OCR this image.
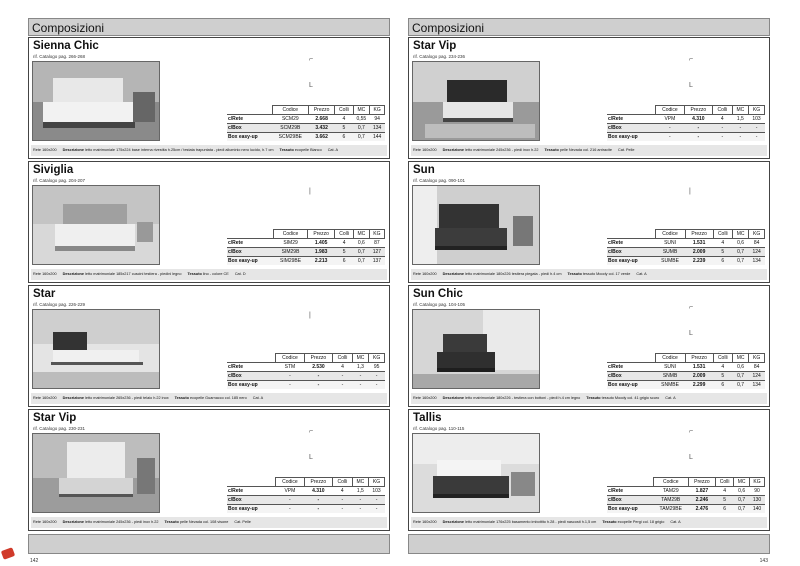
Composizioni
Sienna Chic
rif. Catalogo pag. 266-268	⌐
L
	Codice	Prezzo	Colli	MC	KG
c/Rete	SCM29	2.668	4	0,55	94
c/Box	SCM29B	3.432	5	0,7	134
Box easy-up	SCM29BE	3.662	6	0,7	144
Rete 160x200 Descrizione letto matrimoniale 175x224 base interna rivestita h.25cm / testata trapuntata - piedi alluminio nero lucido, h.7 cm Tessuto ecopelle Bianco Cat. A
Siviglia
rif. Catalogo pag. 204-207
|
	Codice	Prezzo	Colli	MC	KG
c/Rete	SIM29	1.405	4	0,6	87
c/Box	SIM29B	1.983	5	0,7	127
Box easy-up	SIM29BE	2.213	6	0,7	137
Rete 160x200 Descrizione letto matrimoniale 185x217 cuscini testiera - piedini legno Tessuto lino - colore CE Cat. D
Star
rif. Catalogo pag. 226-229
|
	Codice	Prezzo	Colli	MC	KG
c/Rete	STM	2.530	4	1,3	95
c/Box	-	-	-	-	-
Box easy-up	-	-	-	-	-
Rete 160x200 Descrizione letto matrimoniale 265x236 - piedi telaio h.22 inox Tessuto ecopelle Guarnacco col. 185 nero Cat. A
Star Vip
rif. Catalogo pag. 230-231	⌐
L
	Codice	Prezzo	Colli	MC	KG
c/Rete	VPM	4.310	4	1,5	103
c/Box	-	-	-	-	-
Box easy-up	-	-	-	-	-
Rete 160x200 Descrizione letto matrimoniale 245x236 - piedi inox h.22 Tessuto pelle Nevada col. 108 visone Cat. Pelle
142
Composizioni
Star Vip
rif. Catalogo pag. 234-236	⌐
L
	Codice	Prezzo	Colli	MC	KG
c/Rete	VPM	4.310	4	1,5	103
c/Box	-	-	-	-	-
Box easy-up	-	-	-	-	-
Rete 160x200 Descrizione letto matrimoniale 245x236 - piedi inox h.22 Tessuto pelle Nevada col. 216 antracite Cat. Pelle
Sun
rif. Catalogo pag. 090-101
|
	Codice	Prezzo	Colli	MC	KG
c/Rete	SUNI	1.531	4	0,6	84
c/Box	SUMB	2.009	5	0,7	124
Box easy-up	SUMBE	2.239	6	0,7	134
Rete 160x200 Descrizione letto matrimoniale 180x226 testiera piegata - piedi h.4 cm Tessuto tessuto Moody col. 17 verde Cat. A
Sun Chic
rif. Catalogo pag. 104-105	⌐
L
	Codice	Prezzo	Colli	MC	KG
c/Rete	SUNI	1.531	4	0,6	84
c/Box	SNMB	2.009	5	0,7	124
Box easy-up	SNMBE	2.299	6	0,7	134
Rete 160x200 Descrizione letto matrimoniale 180x226 - testiera con bottoni - piedi h.4 cm legno Tessuto tessuto Moody col. 41 grigio scuro Cat. A
Tallis
rif. Catalogo pag. 110-115	⌐
L
	Codice	Prezzo	Colli	MC	KG
c/Rete	TAM29	1.827	4	0,6	90
c/Box	TAM29B	2.246	5	0,7	130
Box easy-up	TAM29BE	2.476	6	0,7	140
Rete 160x200 Descrizione letto matrimoniale 176x225 basamento imbottito h.28 - piedi nascosti h.1,5 cm Tessuto ecopelle Pergi col. 18 grigio Cat. A
143
